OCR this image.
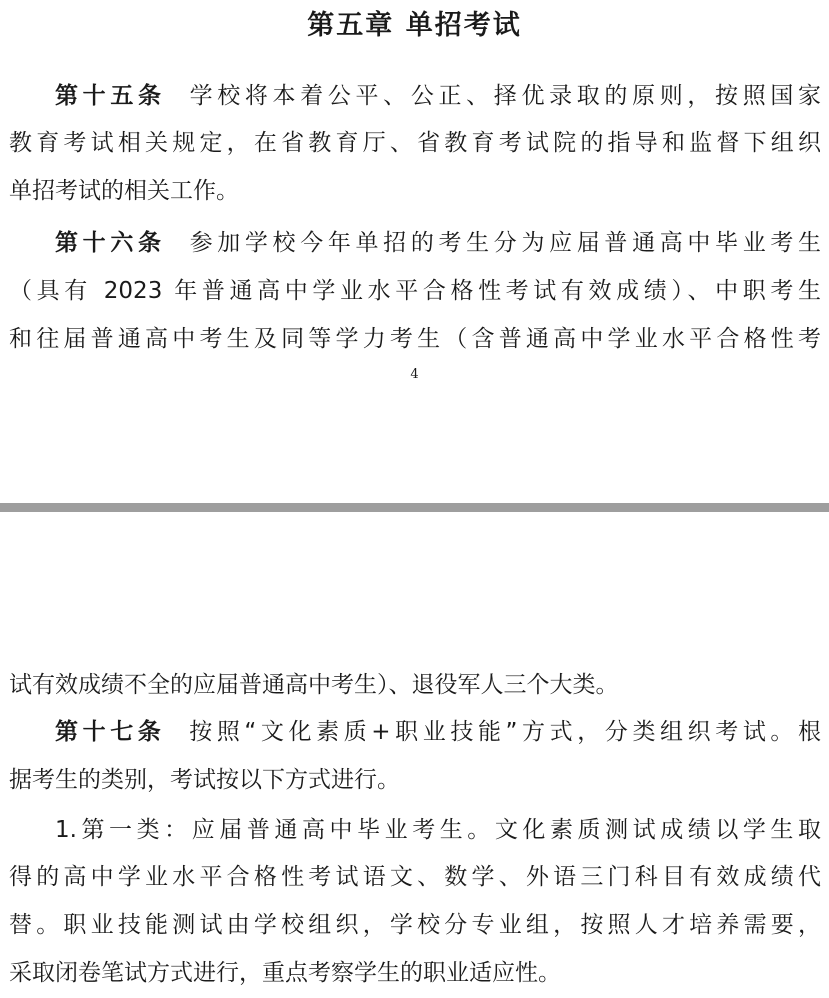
第五章 单招考试

第十五条 学校将本着公平、公正、择优录取的原则，按照国家

教育考试相关规定，在省教育厅、省教育考试院的指导和监督下组织

单招考试的相关工作。

第十六条 参加学校今年单招的考生分为应届普通高中毕业考生

（具有 2023 年普通高中学业水平合格性考试有效成绩）、中职考生

和往届普通高中考生及同等学力考生（含普通高中学业水平合格性考

4

试有效成绩不全的应届普通高中考生）、退役军人三个大类。

第十七条 按照“文化素质+职业技能”方式，分类组织考试。根

据考生的类别，考试按以下方式进行。

1.第一类：应届普通高中毕业考生。文化素质测试成绩以学生取

得的高中学业水平合格性考试语文、数学、外语三门科目有效成绩代

替。职业技能测试由学校组织，学校分专业组，按照人才培养需要，

采取闭卷笔试方式进行，重点考察学生的职业适应性。
